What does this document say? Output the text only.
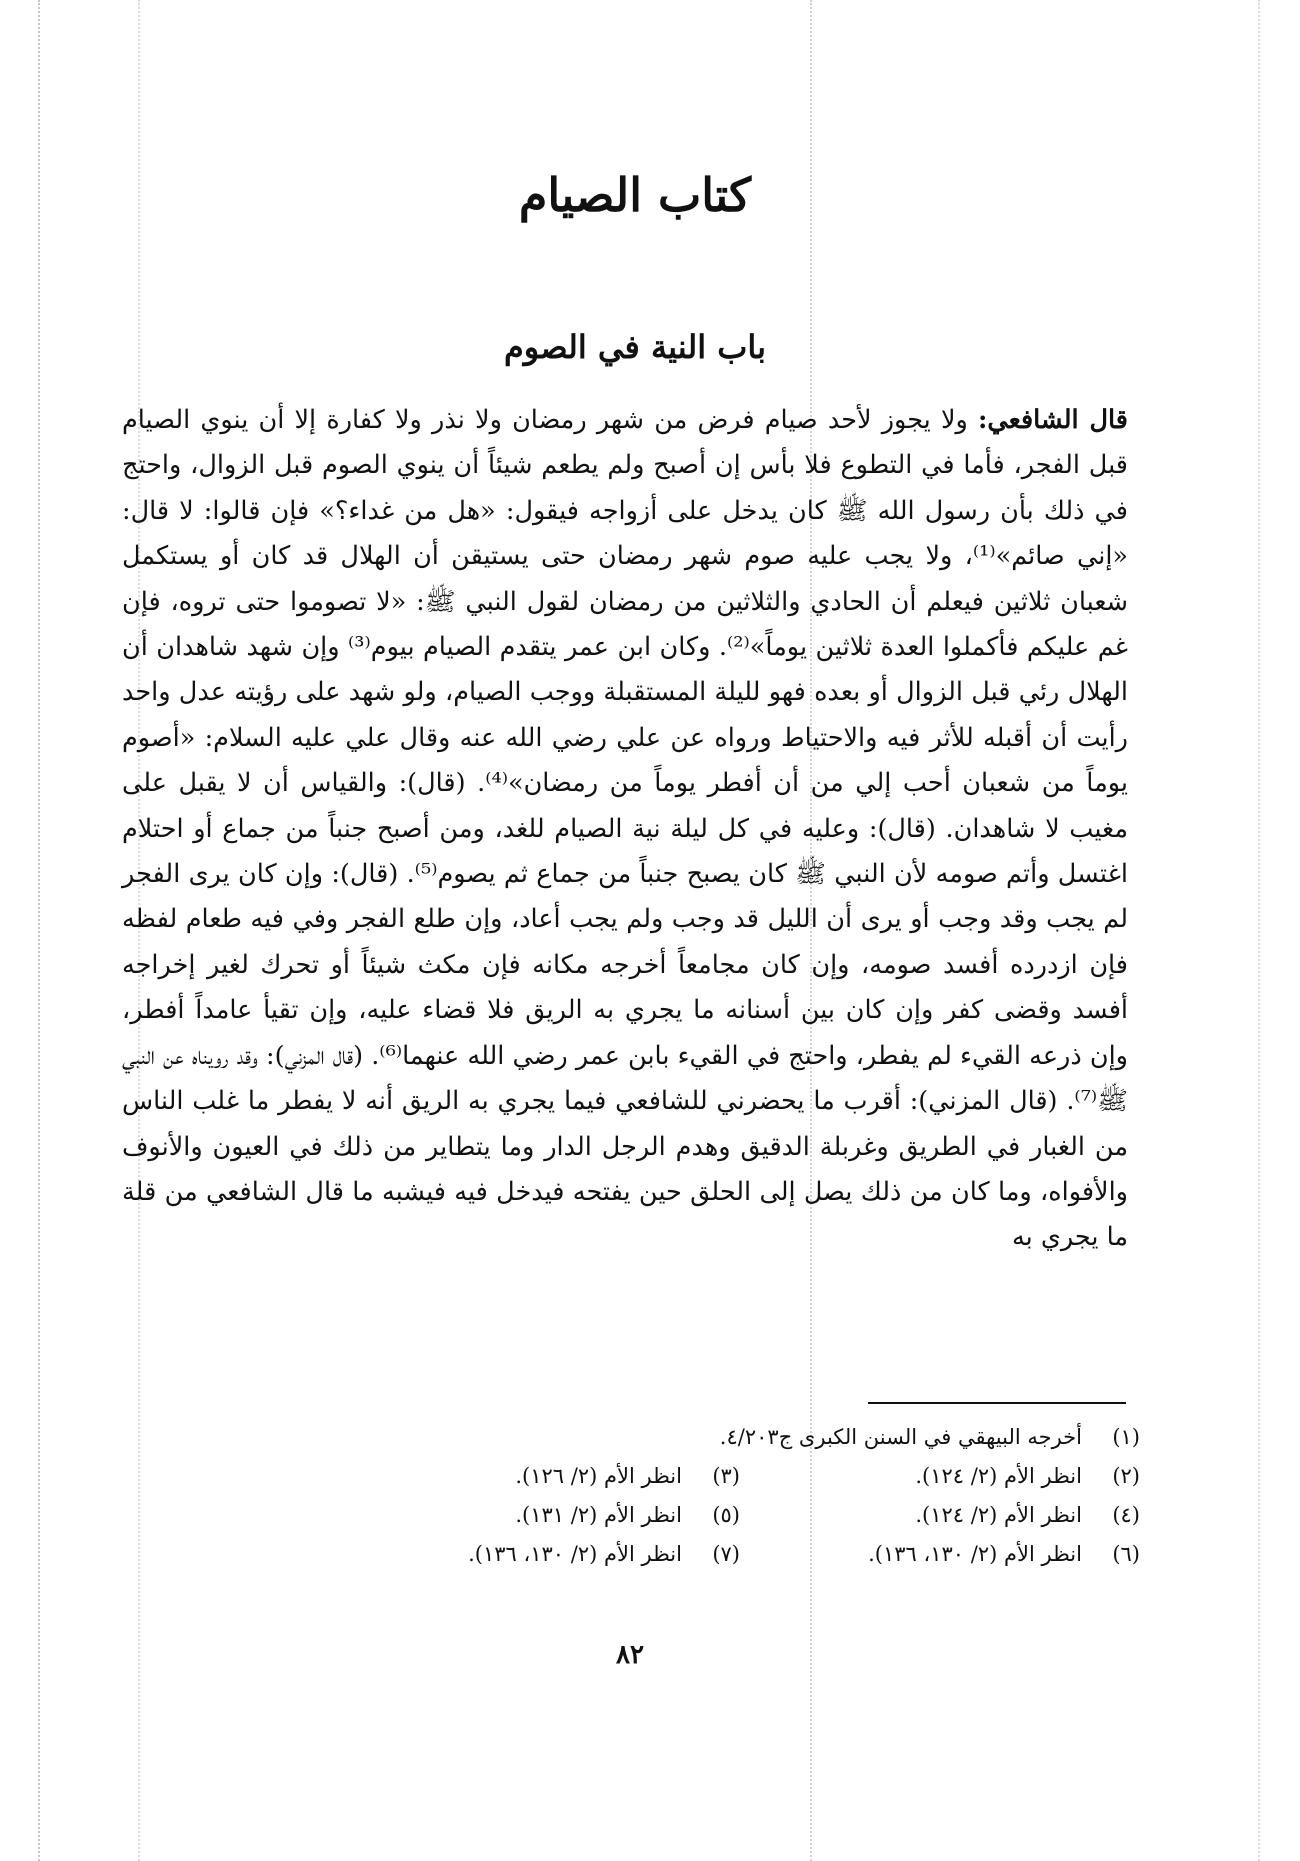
كتاب الصيام
باب النية في الصوم
قال الشافعي: ولا يجوز لأحد صيام فرض من شهر رمضان ولا نذر ولا كفارة إلا أن ينوي الصيام قبل الفجر، فأما في التطوع فلا بأس إن أصبح ولم يطعم شيئاً أن ينوي الصوم قبل الزوال، واحتج في ذلك بأن رسول الله ﷺ كان يدخل على أزواجه فيقول: «هل من غداء؟» فإن قالوا: لا قال: «إني صائم»⁽¹⁾، ولا يجب عليه صوم شهر رمضان حتى يستيقن أن الهلال قد كان أو يستكمل شعبان ثلاثين فيعلم أن الحادي والثلاثين من رمضان لقول النبي ﷺ: «لا تصوموا حتى تروه، فإن غم عليكم فأكملوا العدة ثلاثين يوماً»⁽²⁾. وكان ابن عمر يتقدم الصيام بيوم⁽³⁾ وإن شهد شاهدان أن الهلال رئي قبل الزوال أو بعده فهو لليلة المستقبلة ووجب الصيام، ولو شهد على رؤيته عدل واحد رأيت أن أقبله للأثر فيه والاحتياط ورواه عن علي رضي الله عنه وقال علي عليه السلام: «أصوم يوماً من شعبان أحب إلي من أن أفطر يوماً من رمضان»⁽⁴⁾. (قال): والقياس أن لا يقبل على مغيب لا شاهدان. (قال): وعليه في كل ليلة نية الصيام للغد، ومن أصبح جنباً من جماع أو احتلام اغتسل وأتم صومه لأن النبي ﷺ كان يصبح جنباً من جماع ثم يصوم⁽⁵⁾. (قال): وإن كان يرى الفجر لم يجب وقد وجب أو يرى أن الليل قد وجب ولم يجب أعاد، وإن طلع الفجر وفي فيه طعام لفظه فإن ازدرده أفسد صومه، وإن كان مجامعاً أخرجه مكانه فإن مكث شيئاً أو تحرك لغير إخراجه أفسد وقضى كفر وإن كان بين أسنانه ما يجري به الريق فلا قضاء عليه، وإن تقيأ عامداً أفطر، وإن ذرعه القيء لم يفطر، واحتج في القيء بابن عمر رضي الله عنهما⁽⁶⁾. (قال المزني): وقد رويناه عن النبي ﷺ⁽⁷⁾. (قال المزني): أقرب ما يحضرني للشافعي فيما يجري به الريق أنه لا يفطر ما غلب الناس من الغبار في الطريق وغربلة الدقيق وهدم الرجل الدار وما يتطاير من ذلك في العيون والأنوف والأفواه، وما كان من ذلك يصل إلى الحلق حين يفتحه فيدخل فيه فيشبه ما قال الشافعي من قلة ما يجري به
(١)
أخرجه البيهقي في السنن الكبرى ج٤/٢٠٣.
(٢)
انظر الأم (٢/ ١٢٤).
(٣)
انظر الأم (٢/ ١٢٦).
(٤)
انظر الأم (٢/ ١٢٤).
(٥)
انظر الأم (٢/ ١٣١).
(٦)
انظر الأم (٢/ ١٣٠، ١٣٦).
(٧)
انظر الأم (٢/ ١٣٠، ١٣٦).
٨٢
